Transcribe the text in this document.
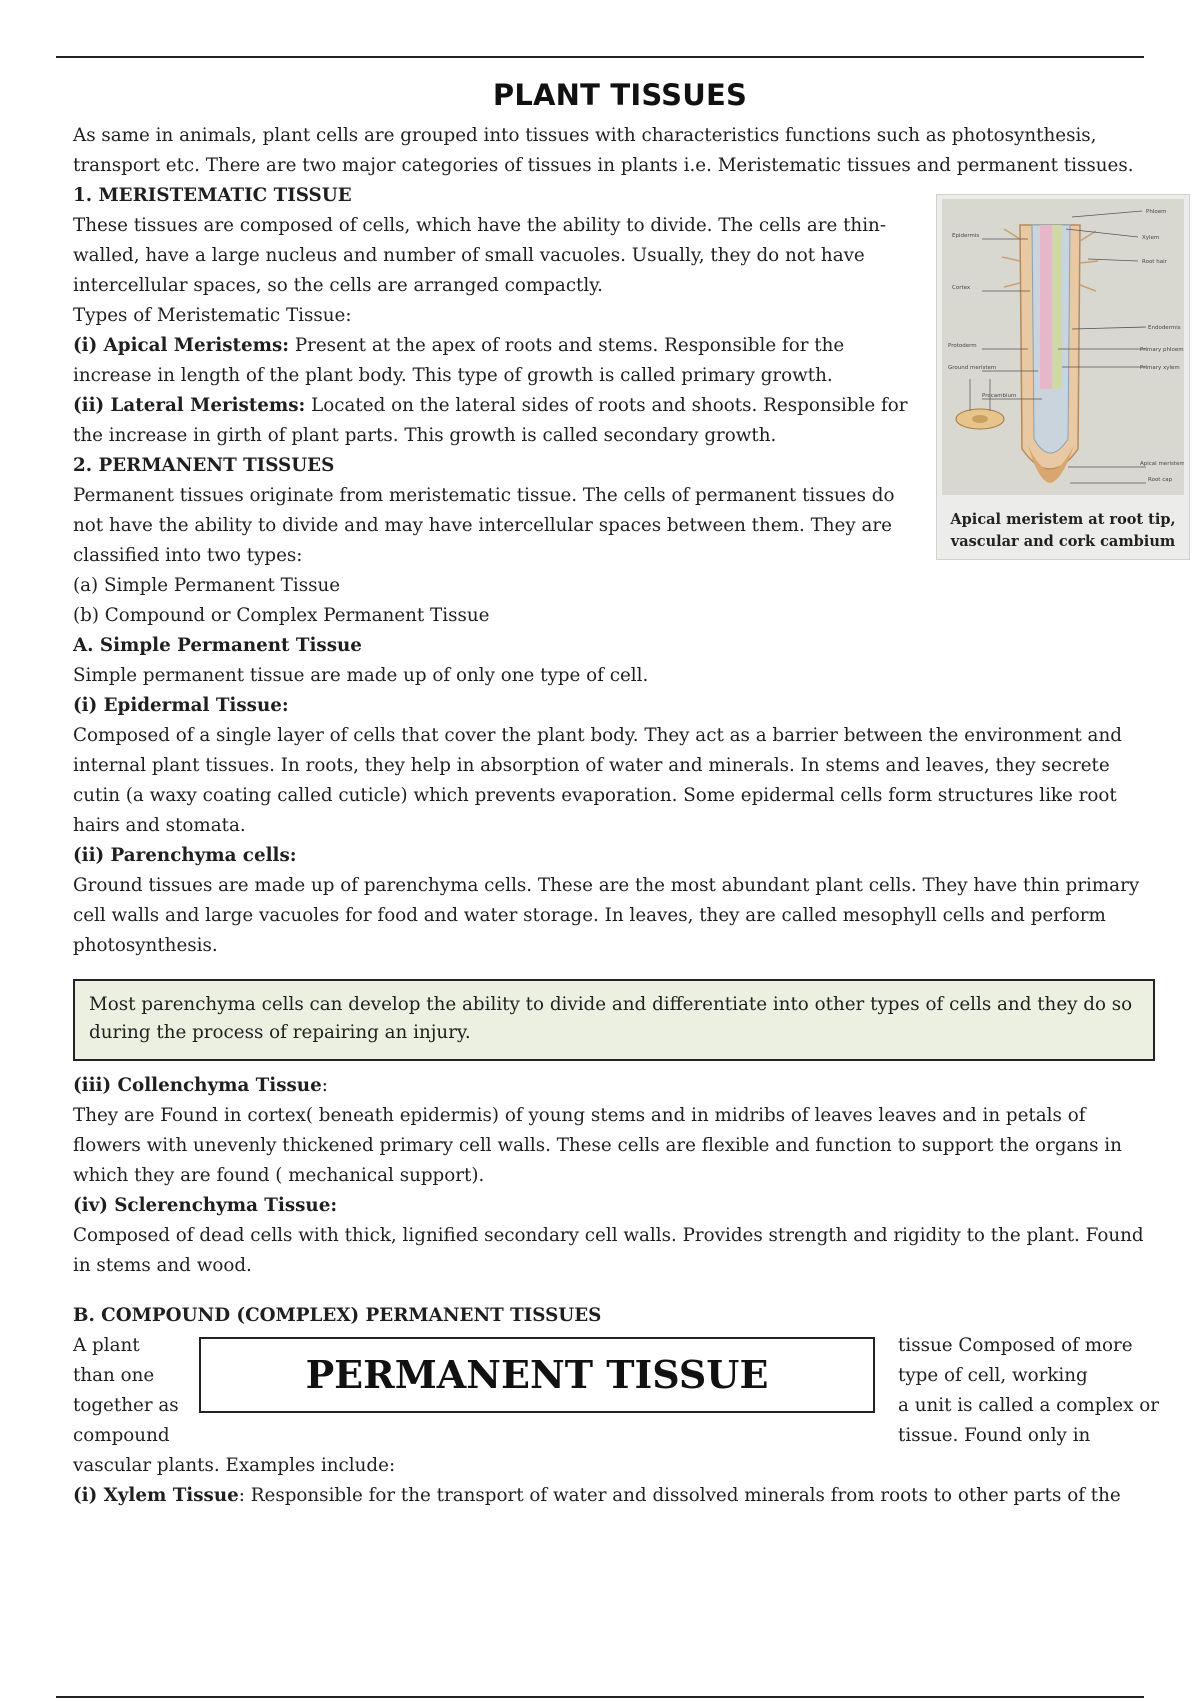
PLANT TISSUES
As same in animals, plant cells are grouped into tissues with characteristics functions such as photosynthesis, transport etc. There are two major categories of tissues in plants i.e. Meristematic tissues and permanent tissues.
1. MERISTEMATIC TISSUE
These tissues are composed of cells, which have the ability to divide. The cells are thin-
walled, have a large nucleus and number of small vacuoles. Usually, they do not have
intercellular spaces, so the cells are arranged compactly.
Types of Meristematic Tissue:
(i) Apical Meristems: Present at the apex of roots and stems. Responsible for the
increase in length of the plant body. This type of growth is called primary growth.
(ii) Lateral Meristems: Located on the lateral sides of roots and shoots. Responsible for
the increase in girth of plant parts. This growth is called secondary growth.
2. PERMANENT TISSUES
Permanent tissues originate from meristematic tissue. The cells of permanent tissues do
not have the ability to divide and may have intercellular spaces between them. They are
classified into two types:
(a) Simple Permanent Tissue
(b) Compound or Complex Permanent Tissue
A. Simple Permanent Tissue
Simple permanent tissue are made up of only one type of cell.
(i) Epidermal Tissue:
Composed of a single layer of cells that cover the plant body. They act as a barrier between the environment and
internal plant tissues. In roots, they help in absorption of water and minerals. In stems and leaves, they secrete
cutin (a waxy coating called cuticle) which prevents evaporation. Some epidermal cells form structures like root
hairs and stomata.
(ii) Parenchyma cells:
Ground tissues are made up of parenchyma cells. These are the most abundant plant cells. They have thin primary
cell walls and large vacuoles for food and water storage. In leaves, they are called mesophyll cells and perform
photosynthesis.
Most parenchyma cells can develop the ability to divide and differentiate into other types of cells and they do so during the process of repairing an injury.
(iii) Collenchyma Tissue:
They are Found in cortex( beneath epidermis) of young stems and in midribs of leaves leaves and in petals of
flowers with unevenly thickened primary cell walls. These cells are flexible and function to support the organs in
which they are found ( mechanical support).
(iv) Sclerenchyma Tissue:
Composed of dead cells with thick, lignified secondary cell walls. Provides strength and rigidity to the plant. Found
in stems and wood.
B. COMPOUND (COMPLEX) PERMANENT TISSUES
A plant
than one
together as
compound
PERMANENT TISSUE
tissue Composed of more
type of cell, working
a unit is called a complex or
tissue. Found only in
vascular plants. Examples include:
(i) Xylem Tissue: Responsible for the transport of water and dissolved minerals from roots to other parts of the
Phloem
Xylem
Root hair
Epidermis
Cortex
Endodermis
Primary phloem
Primary xylem
Protoderm
Ground meristem
Procambium
Apical meristem
Root cap
Apical meristem at root tip,
vascular and cork cambium
